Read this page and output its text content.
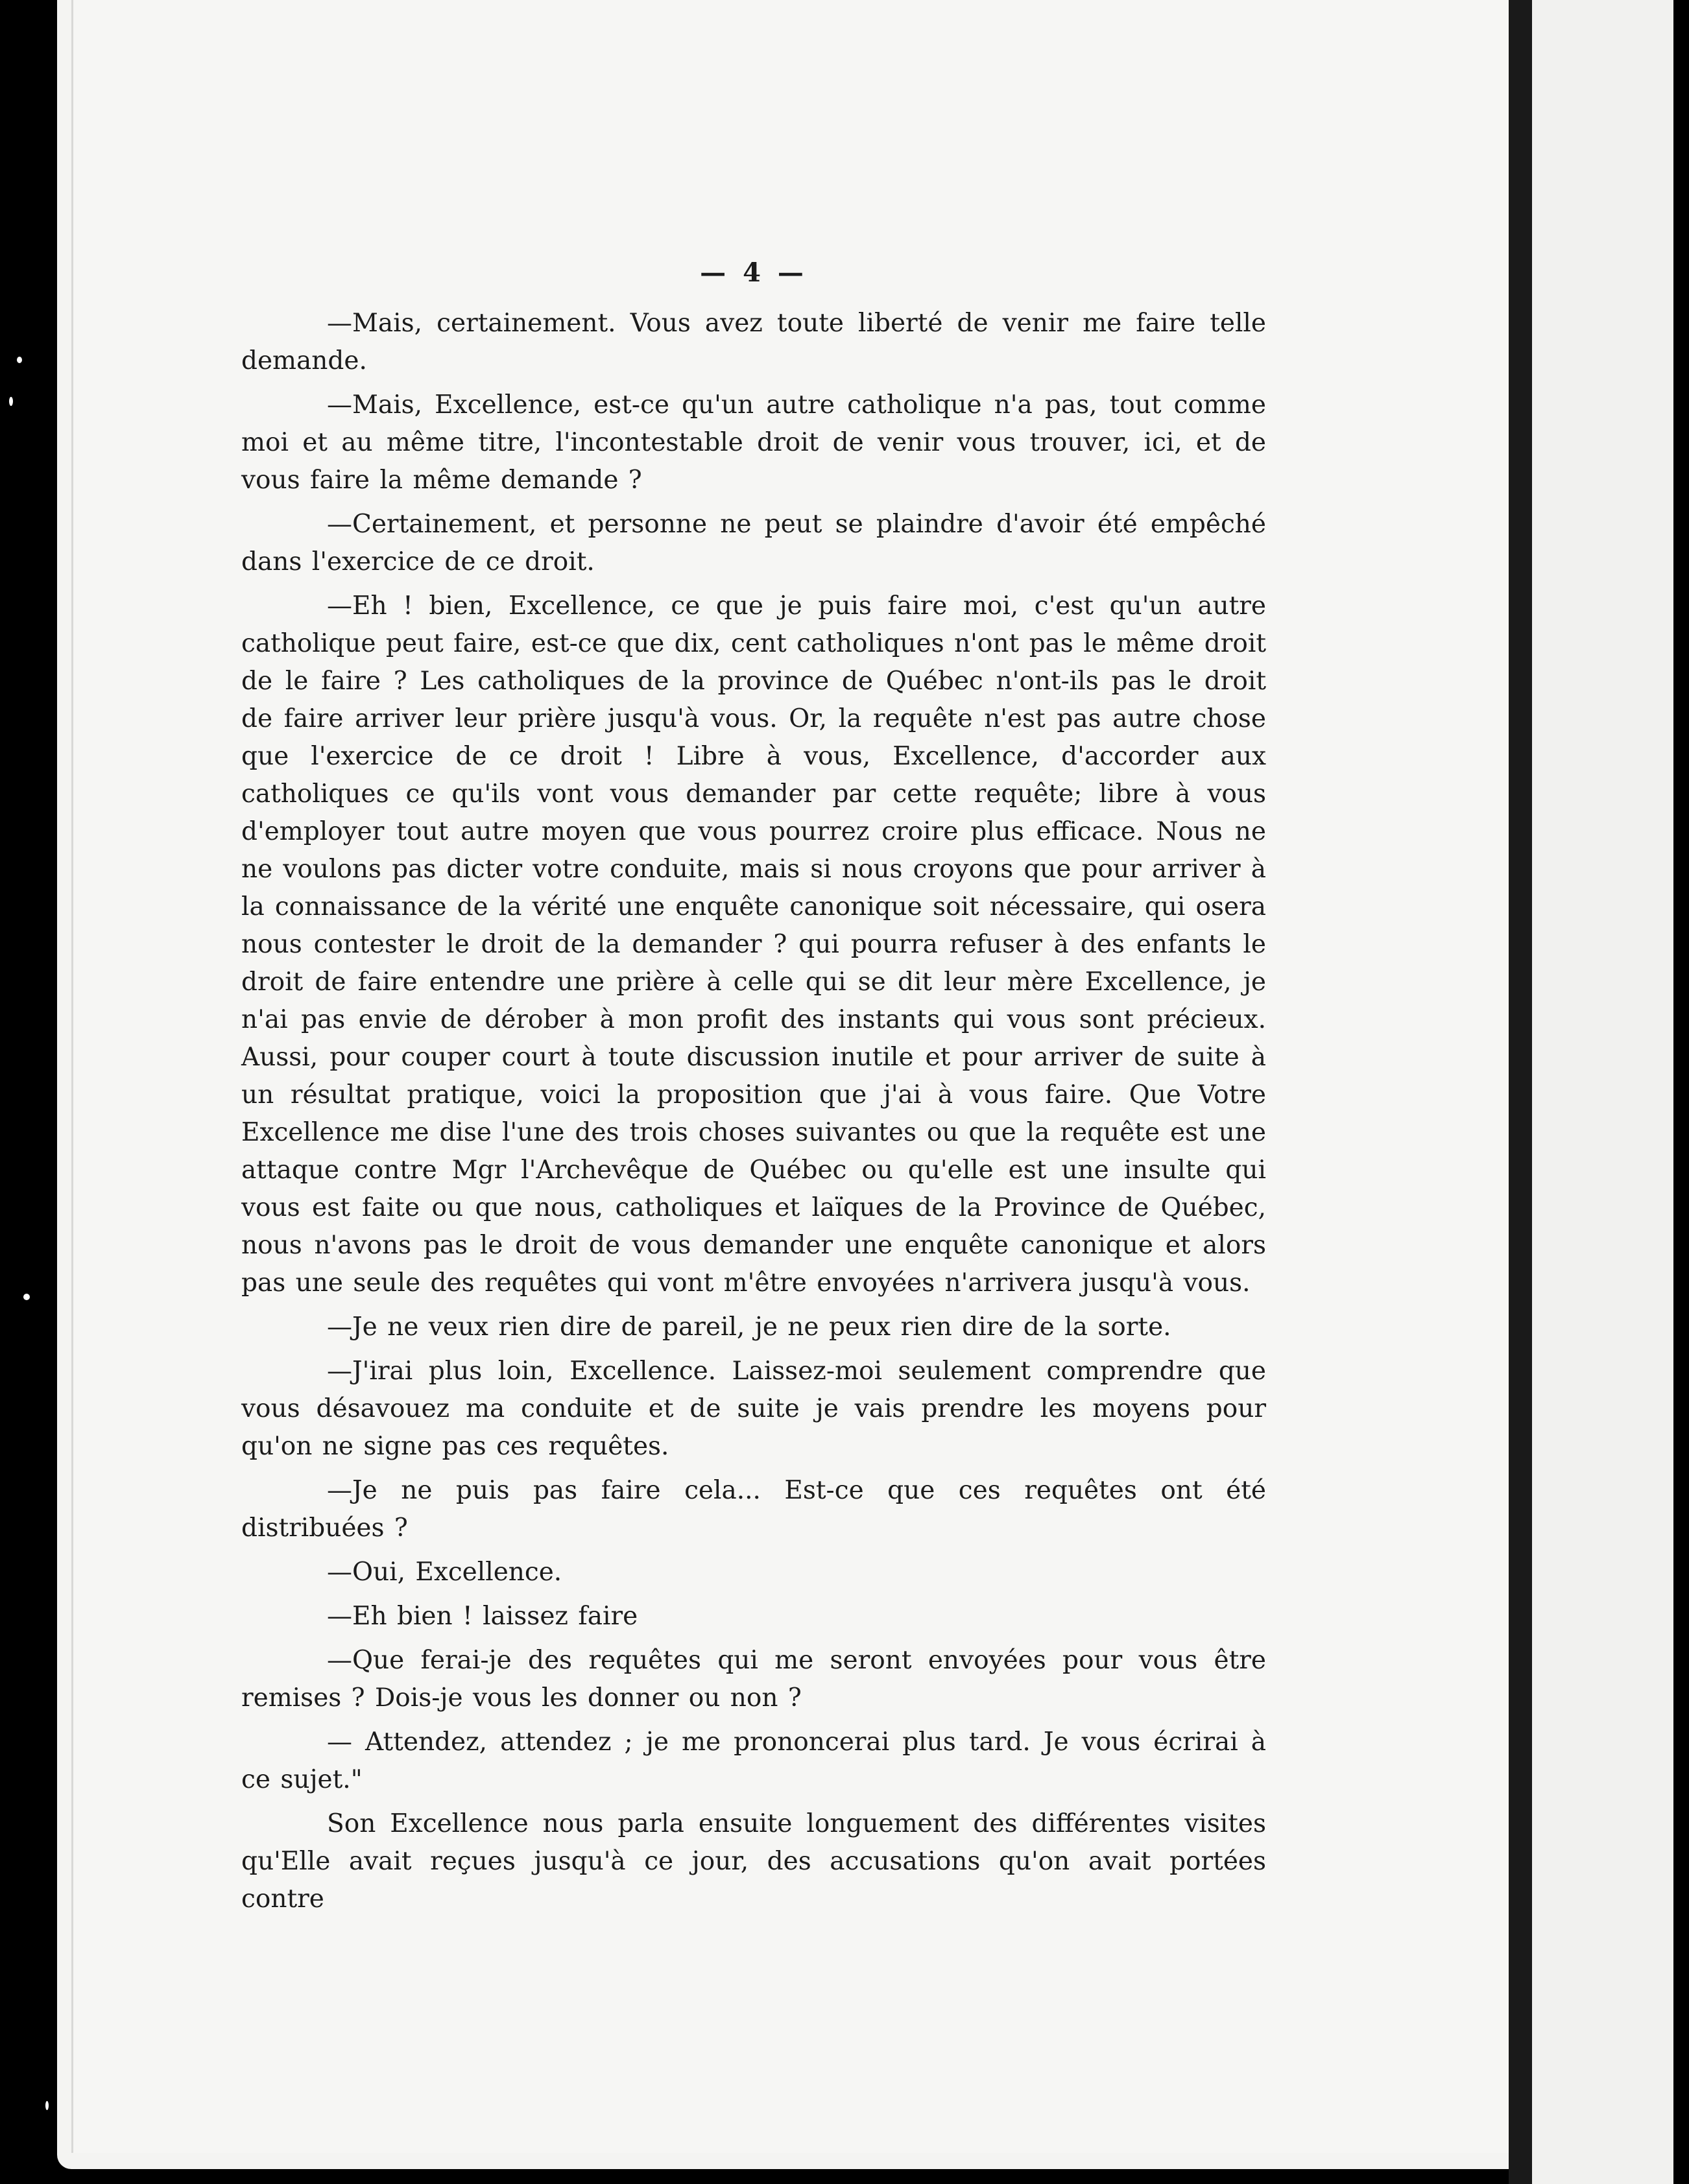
— 4 —

—Mais, certainement. Vous avez toute liberté de venir me faire telle demande.

—Mais, Excellence, est-ce qu'un autre catholique n'a pas, tout comme moi et au même titre, l'incontestable droit de venir vous trouver, ici, et de vous faire la même demande ?

—Certainement, et personne ne peut se plaindre d'avoir été empêché dans l'exercice de ce droit.

—Eh ! bien, Excellence, ce que je puis faire moi, c'est qu'un autre catholique peut faire, est-ce que dix, cent catholiques n'ont pas le même droit de le faire ? Les catholiques de la province de Québec n'ont-ils pas le droit de faire arriver leur prière jusqu'à vous. Or, la requête n'est pas autre chose que l'exercice de ce droit ! Libre à vous, Excellence, d'accorder aux catholiques ce qu'ils vont vous demander par cette requête; libre à vous d'employer tout autre moyen que vous pourrez croire plus efficace. Nous ne ne voulons pas dicter votre conduite, mais si nous croyons que pour arriver à la connaissance de la vérité une enquête canonique soit nécessaire, qui osera nous contester le droit de la demander ? qui pourra refuser à des enfants le droit de faire entendre une prière à celle qui se dit leur mère Excellence, je n'ai pas envie de dérober à mon profit des instants qui vous sont précieux. Aussi, pour couper court à toute discussion inutile et pour arriver de suite à un résultat pratique, voici la proposition que j'ai à vous faire. Que Votre Excellence me dise l'une des trois choses suivantes ou que la requête est une attaque contre Mgr l'Archevêque de Québec ou qu'elle est une insulte qui vous est faite ou que nous, catholiques et laïques de la Province de Québec, nous n'avons pas le droit de vous demander une enquête canonique et alors pas une seule des requêtes qui vont m'être envoyées n'arrivera jusqu'à vous.

—Je ne veux rien dire de pareil, je ne peux rien dire de la sorte.

—J'irai plus loin, Excellence. Laissez-moi seulement comprendre que vous désavouez ma conduite et de suite je vais prendre les moyens pour qu'on ne signe pas ces requêtes.

—Je ne puis pas faire cela... Est-ce que ces requêtes ont été distribuées ?

—Oui, Excellence.

—Eh bien ! laissez faire

—Que ferai-je des requêtes qui me seront envoyées pour vous être remises ? Dois-je vous les donner ou non ?

— Attendez, attendez ; je me prononcerai plus tard. Je vous écrirai à ce sujet."

Son Excellence nous parla ensuite longuement des différentes visites qu'Elle avait reçues jusqu'à ce jour, des accusations qu'on avait portées contre
